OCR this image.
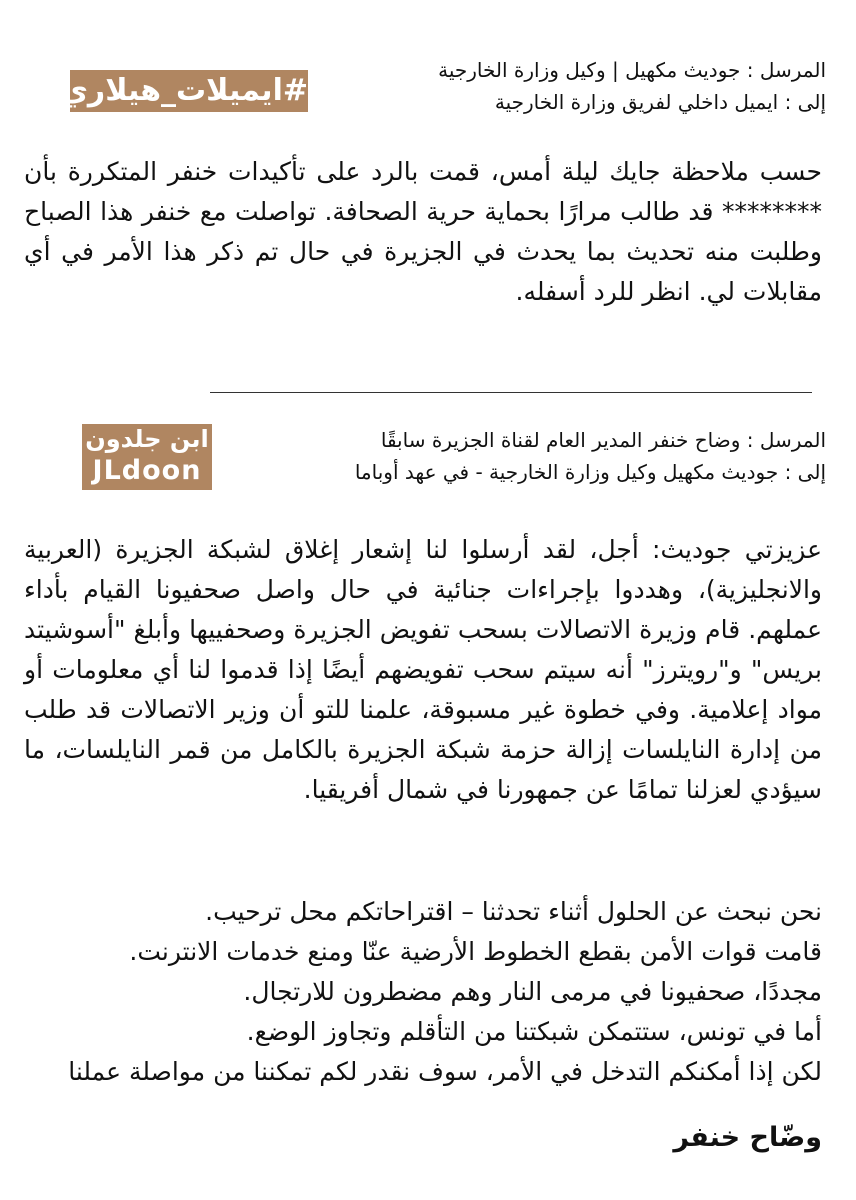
المرسل : جوديث مكهيل | وكيل وزارة الخارجية
إلى : ايميل داخلي لفريق وزارة الخارجية
#ايميلات_هيلاري
حسب ملاحظة جايك ليلة أمس، قمت بالرد على تأكيدات خنفر المتكررة بأن ******** قد طالب مرارًا بحماية حرية الصحافة. تواصلت مع خنفر هذا الصباح وطلبت منه تحديث بما يحدث في الجزيرة في حال تم ذكر هذا الأمر في أي مقابلات لي. انظر للرد أسفله.
المرسل : وضاح خنفر المدير العام لقناة الجزيرة سابقًا
إلى : جوديث مكهيل وكيل وزارة الخارجية - في عهد أوباما
ابن جلدون
JLdoon
عزيزتي جوديث: أجل، لقد أرسلوا لنا إشعار إغلاق لشبكة الجزيرة (العربية والانجليزية)، وهددوا بإجراءات جنائية في حال واصل صحفيونا القيام بأداء عملهم. قام وزيرة الاتصالات بسحب تفويض الجزيرة وصحفييها وأبلغ "أسوشيتد بريس" و"رويترز" أنه سيتم سحب تفويضهم أيضًا إذا قدموا لنا أي معلومات أو مواد إعلامية. وفي خطوة غير مسبوقة، علمنا للتو أن وزير الاتصالات قد طلب من إدارة النايلسات إزالة حزمة شبكة الجزيرة بالكامل من قمر النايلسات، ما سيؤدي لعزلنا تمامًا عن جمهورنا في شمال أفريقيا.
نحن نبحث عن الحلول أثناء تحدثنا – اقتراحاتكم محل ترحيب.
قامت قوات الأمن بقطع الخطوط الأرضية عنّا ومنع خدمات الانترنت.
مجددًا، صحفيونا في مرمى النار وهم مضطرون للارتجال.
أما في تونس، ستتمكن شبكتنا من التأقلم وتجاوز الوضع.
لكن إذا أمكنكم التدخل في الأمر، سوف نقدر لكم تمكننا من مواصلة عملنا
وضّاح خنفر
